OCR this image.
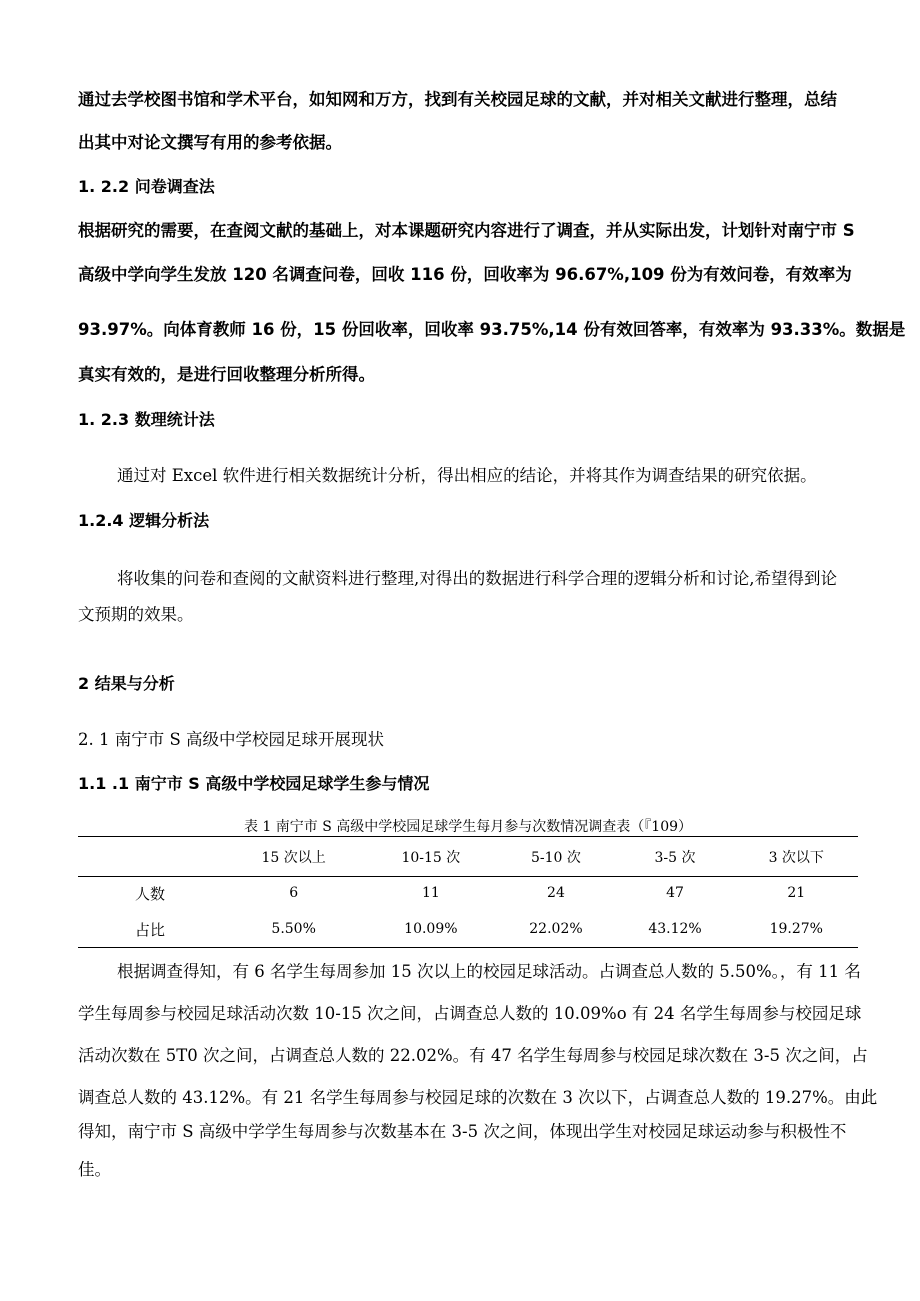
通过去学校图书馆和学术平台，如知网和万方，找到有关校园足球的文献，并对相关文献进行整理，总结
出其中对论文撰写有用的参考依据。
1. 2.2 问卷调查法
根据研究的需要，在查阅文献的基础上，对本课题研究内容进行了调查，并从实际出发，计划针对南宁市 S
高级中学向学生发放 120 名调查问卷，回收 116 份，回收率为 96.67%,109 份为有效问卷，有效率为
93.97%。向体育教师 16 份，15 份回收率，回收率 93.75%,14 份有效回答率，有效率为 93.33%。数据是
真实有效的，是进行回收整理分析所得。
1. 2.3 数理统计法
通过对 Excel 软件进行相关数据统计分析，得出相应的结论，并将其作为调查结果的研究依据。
1.2.4 逻辑分析法
将收集的问卷和查阅的文献资料进行整理,对得出的数据进行科学合理的逻辑分析和讨论,希望得到论
文预期的效果。
2 结果与分析
2. 1 南宁市 S 高级中学校园足球开展现状
1.1 .1 南宁市 S 高级中学校园足球学生参与情况
表 1 南宁市 S 高级中学校园足球学生每月参与次数情况调查表（『109）
	15 次以上	10-15 次	5-10 次	3-5 次	3 次以下
人数	6	11	24	47	21
占比	5.50%	10.09%	22.02%	43.12%	19.27%
根据调查得知，有 6 名学生每周参加 15 次以上的校园足球活动。占调查总人数的 5.50%。，有 11 名
学生每周参与校园足球活动次数 10-15 次之间，占调查总人数的 10.09%o 有 24 名学生每周参与校园足球
活动次数在 5T0 次之间，占调查总人数的 22.02%。有 47 名学生每周参与校园足球次数在 3-5 次之间，占
调查总人数的 43.12%。有 21 名学生每周参与校园足球的次数在 3 次以下，占调查总人数的 19.27%。由此
得知，南宁市 S 高级中学学生每周参与次数基本在 3-5 次之间，体现出学生对校园足球运动参与积极性不
佳。
